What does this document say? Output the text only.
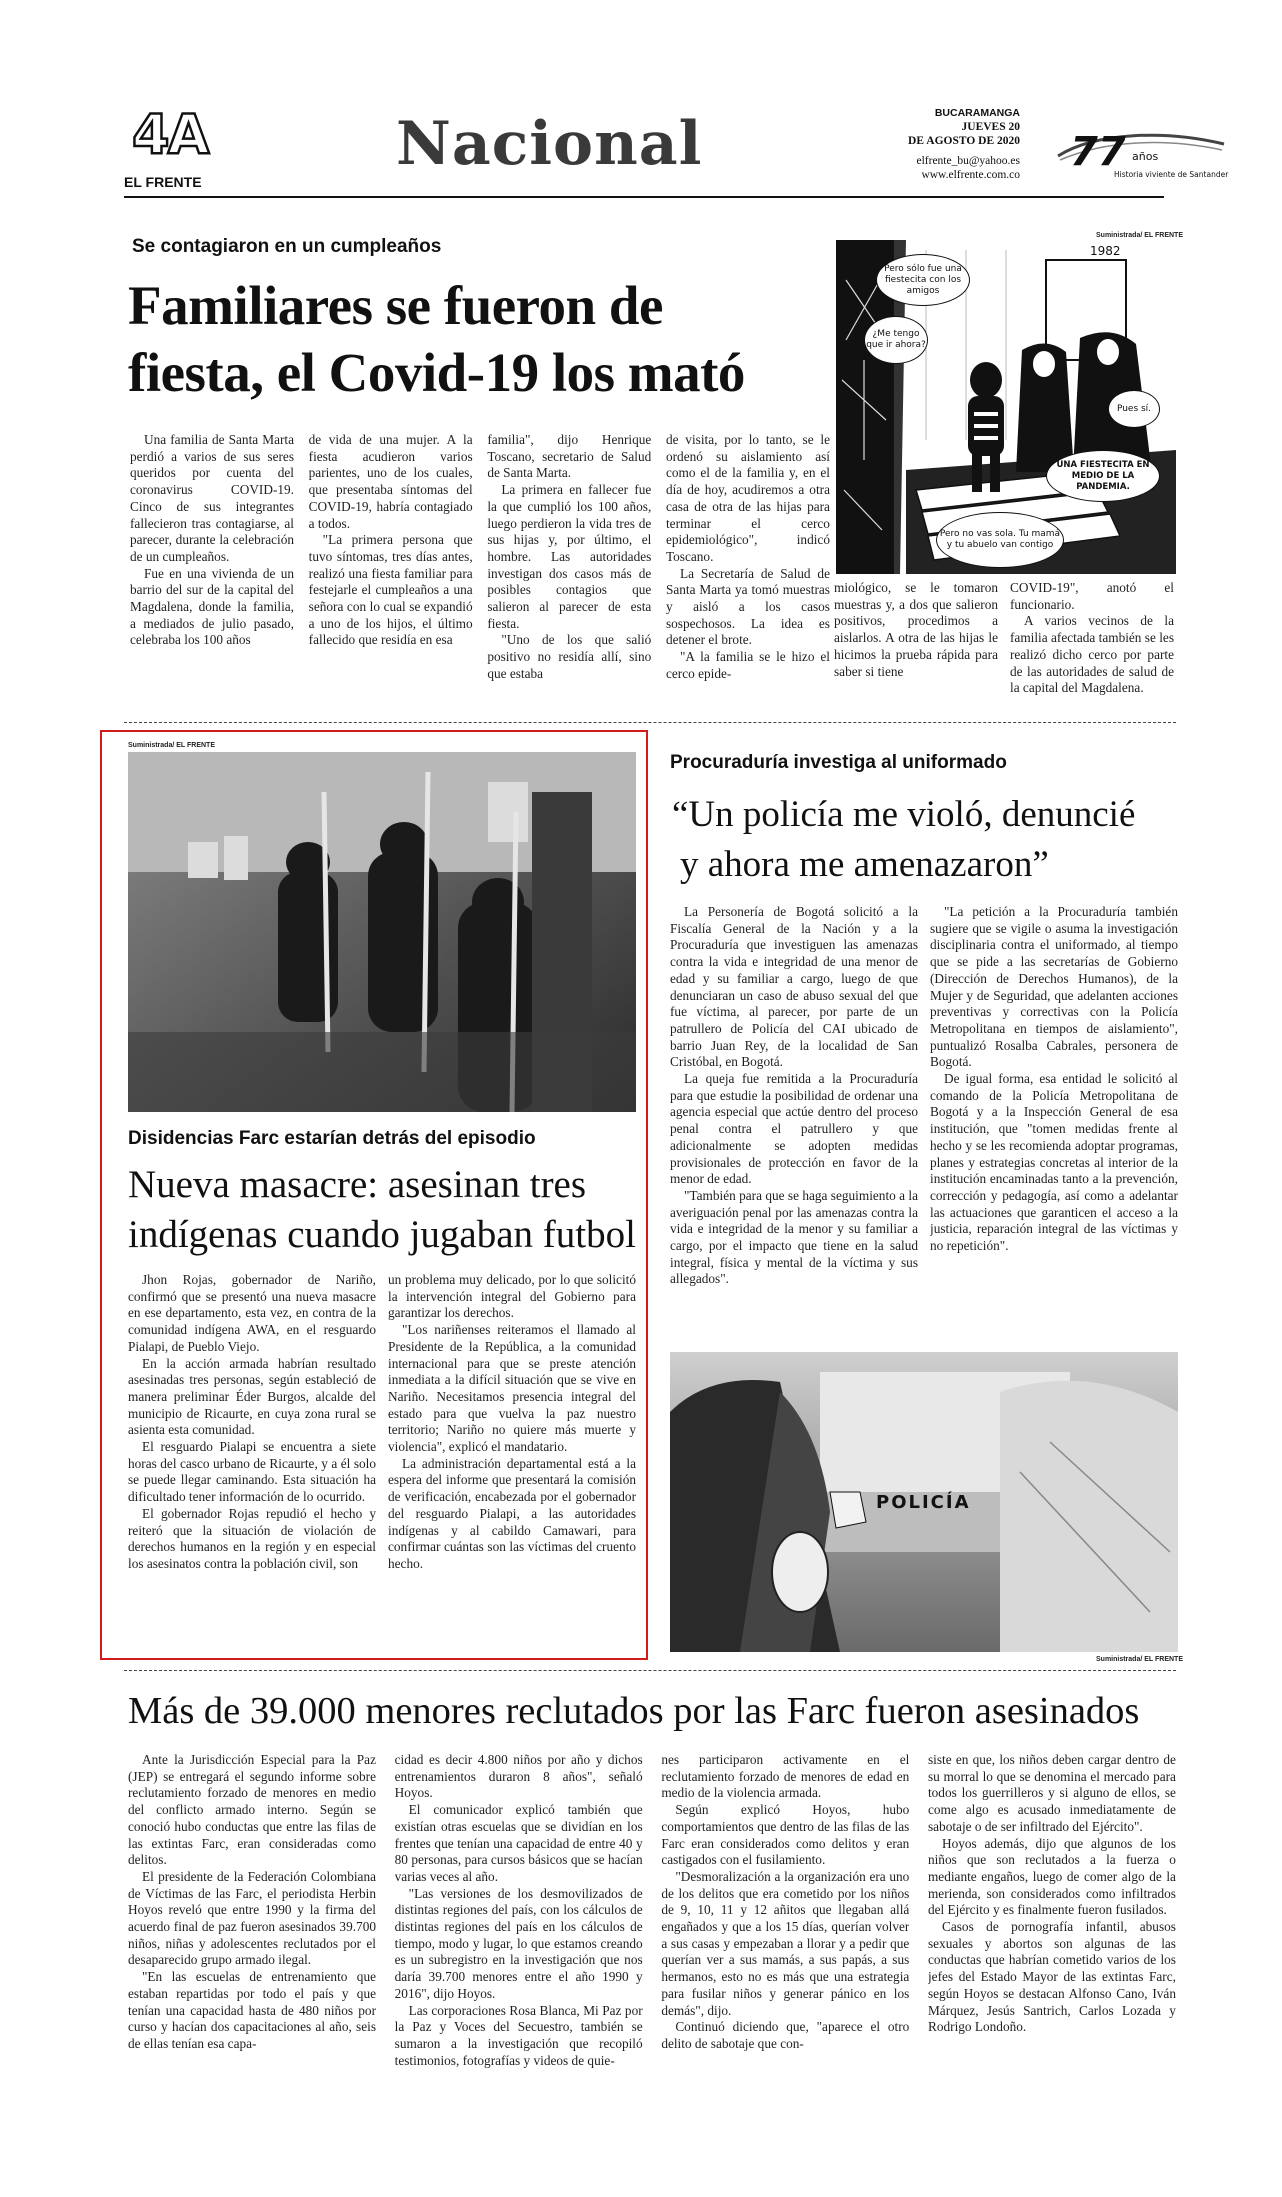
4A
EL FRENTE
Nacional	BUCARAMANGA
JUEVES 20
DE AGOSTO DE 2020
elfrente_bu@yahoo.es
www.elfrente.com.co 77 años
Historia viviente de Santander
Se contagiaron en un cumpleaños
Familiares se fueron de
fiesta, el Covid-19 los mató

Una familia de Santa Marta perdió a varios de sus seres queridos por cuenta del coronavirus COVID-19. Cinco de sus integrantes fallecieron tras contagiarse, al parecer, durante la celebración de un cumpleaños.

Fue en una vivienda de un barrio del sur de la capital del Magdalena, donde la familia, a mediados de julio pasado, celebraba los 100 años

de vida de una mujer. A la fiesta acudieron varios parientes, uno de los cuales, que presentaba síntomas del COVID-19, habría contagiado a todos.

"La primera persona que tuvo síntomas, tres días antes, realizó una fiesta familiar para festejarle el cumpleaños a una señora con lo cual se expandió a uno de los hijos, el último fallecido que residía en esa

familia", dijo Henrique Toscano, secretario de Salud de Santa Marta.

La primera en fallecer fue la que cumplió los 100 años, luego perdieron la vida tres de sus hijas y, por último, el hombre. Las autoridades investigan dos casos más de posibles contagios que salieron al parecer de esta fiesta.

"Uno de los que salió positivo no residía allí, sino que estaba

de visita, por lo tanto, se le ordenó su aislamiento así como el de la familia y, en el día de hoy, acudiremos a otra casa de otra de las hijas para terminar el cerco epidemiológico", indicó Toscano.

La Secretaría de Salud de Santa Marta ya tomó muestras y aisló a los casos sospechosos. La idea es detener el brote.

"A la familia se le hizo el cerco epide-

miológico, se le tomaron muestras y, a dos que salieron positivos, procedimos a aislarlos. A otra de las hijas le hicimos la prueba rápida para saber si tiene

COVID-19", anotó el funcionario.

A varios vecinos de la familia afectada también se les realizó dicho cerco por parte de las autoridades de salud de la capital del Magdalena.

Suministrada/ EL FRENTE
1982
Pero sólo fue una fiestecita con los amigos
¿Me tengo que ir ahora?
Pues sí.
UNA FIESTECITA EN MEDIO DE LA PANDEMIA.
Pero no vas sola. Tu mamá y tu abuelo van contigo
Suministrada/ EL FRENTE
Disidencias Farc estarían detrás del episodio
Nueva masacre: asesinan tres
indígenas cuando jugaban futbol

Jhon Rojas, gobernador de Nariño, confirmó que se presentó una nueva masacre en ese departamento, esta vez, en contra de la comunidad indígena AWA, en el resguardo Pialapi, de Pueblo Viejo.

En la acción armada habrían resultado asesinadas tres personas, según estableció de manera preliminar Éder Burgos, alcalde del municipio de Ricaurte, en cuya zona rural se asienta esta comunidad.

El resguardo Pialapi se encuentra a siete horas del casco urbano de Ricaurte, y a él solo se puede llegar caminando. Esta situación ha dificultado tener información de lo ocurrido.

El gobernador Rojas repudió el hecho y reiteró que la situación de violación de derechos humanos en la región y en especial los asesinatos contra la población civil, son

un problema muy delicado, por lo que solicitó la intervención integral del Gobierno para garantizar los derechos.

"Los nariñenses reiteramos el llamado al Presidente de la República, a la comunidad internacional para que se preste atención inmediata a la difícil situación que se vive en Nariño. Necesitamos presencia integral del estado para que vuelva la paz nuestro territorio; Nariño no quiere más muerte y violencia", explicó el mandatario.

La administración departamental está a la espera del informe que presentará la comisión de verificación, encabezada por el gobernador del resguardo Pialapi, a las autoridades indígenas y al cabildo Camawari, para confirmar cuántas son las víctimas del cruento hecho.

Procuraduría investiga al uniformado
“Un policía me violó, denuncié
y ahora me amenazaron”

La Personería de Bogotá solicitó a la Fiscalía General de la Nación y a la Procuraduría que investiguen las amenazas contra la vida e integridad de una menor de edad y su familiar a cargo, luego de que denunciaran un caso de abuso sexual del que fue víctima, al parecer, por parte de un patrullero de Policía del CAI ubicado de barrio Juan Rey, de la localidad de San Cristóbal, en Bogotá.

La queja fue remitida a la Procuraduría para que estudie la posibilidad de ordenar una agencia especial que actúe dentro del proceso penal contra el patrullero y que adicionalmente se adopten medidas provisionales de protección en favor de la menor de edad.

"También para que se haga seguimiento a la averiguación penal por las amenazas contra la vida e integridad de la menor y su familiar a cargo, por el impacto que tiene en la salud integral, física y mental de la víctima y sus allegados".

"La petición a la Procuraduría también sugiere que se vigile o asuma la investigación disciplinaria contra el uniformado, al tiempo que se pide a las secretarías de Gobierno (Dirección de Derechos Humanos), de la Mujer y de Seguridad, que adelanten acciones preventivas y correctivas con la Policía Metropolitana en tiempos de aislamiento", puntualizó Rosalba Cabrales, personera de Bogotá.

De igual forma, esa entidad le solicitó al comando de la Policía Metropolitana de Bogotá y a la Inspección General de esa institución, que "tomen medidas frente al hecho y se les recomienda adoptar programas, planes y estrategias concretas al interior de la institución encaminadas tanto a la prevención, corrección y pedagogía, así como a adelantar las actuaciones que garanticen el acceso a la justicia, reparación integral de las víctimas y no repetición".

POLICÍA
Suministrada/ EL FRENTE
Más de 39.000 menores reclutados por las Farc fueron asesinados

Ante la Jurisdicción Especial para la Paz (JEP) se entregará el segundo informe sobre reclutamiento forzado de menores en medio del conflicto armado interno. Según se conoció hubo conductas que entre las filas de las extintas Farc, eran consideradas como delitos.

El presidente de la Federación Colombiana de Víctimas de las Farc, el periodista Herbin Hoyos reveló que entre 1990 y la firma del acuerdo final de paz fueron asesinados 39.700 niños, niñas y adolescentes reclutados por el desaparecido grupo armado ilegal.

"En las escuelas de entrenamiento que estaban repartidas por todo el país y que tenían una capacidad hasta de 480 niños por curso y hacían dos capacitaciones al año, seis de ellas tenían esa capa-

cidad es decir 4.800 niños por año y dichos entrenamientos duraron 8 años", señaló Hoyos.

El comunicador explicó también que existían otras escuelas que se dividían en los frentes que tenían una capacidad de entre 40 y 80 personas, para cursos básicos que se hacían varias veces al año.

"Las versiones de los desmovilizados de distintas regiones del país, con los cálculos de distintas regiones del país en los cálculos de tiempo, modo y lugar, lo que estamos creando es un subregistro en la investigación que nos daría 39.700 menores entre el año 1990 y 2016", dijo Hoyos.

Las corporaciones Rosa Blanca, Mi Paz por la Paz y Voces del Secuestro, también se sumaron a la investigación que recopiló testimonios, fotografías y videos de quie-

nes participaron activamente en el reclutamiento forzado de menores de edad en medio de la violencia armada.

Según explicó Hoyos, hubo comportamientos que dentro de las filas de las Farc eran considerados como delitos y eran castigados con el fusilamiento.

"Desmoralización a la organización era uno de los delitos que era cometido por los niños de 9, 10, 11 y 12 añitos que llegaban allá engañados y que a los 15 días, querían volver a sus casas y empezaban a llorar y a pedir que querían ver a sus mamás, a sus papás, a sus hermanos, esto no es más que una estrategia para fusilar niños y generar pánico en los demás", dijo.

Continuó diciendo que, "aparece el otro delito de sabotaje que con-

siste en que, los niños deben cargar dentro de su morral lo que se denomina el mercado para todos los guerrilleros y si alguno de ellos, se come algo es acusado inmediatamente de sabotaje o de ser infiltrado del Ejército".

Hoyos además, dijo que algunos de los niños que son reclutados a la fuerza o mediante engaños, luego de comer algo de la merienda, son considerados como infiltrados del Ejército y es finalmente fueron fusilados.

Casos de pornografía infantil, abusos sexuales y abortos son algunas de las conductas que habrían cometido varios de los jefes del Estado Mayor de las extintas Farc, según Hoyos se destacan Alfonso Cano, Iván Márquez, Jesús Santrich, Carlos Lozada y Rodrigo Londoño.
